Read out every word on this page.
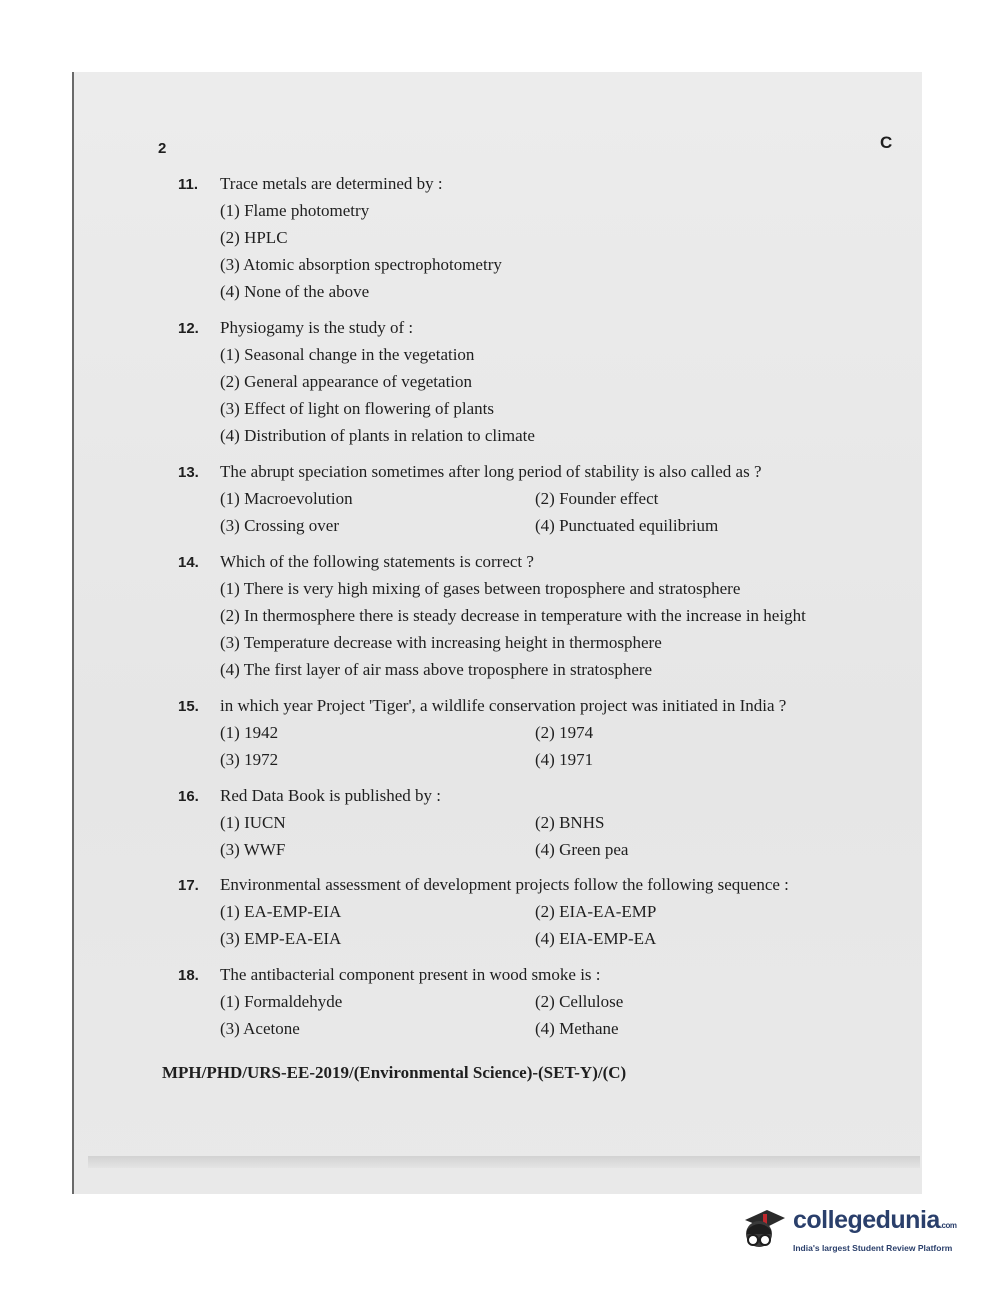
2	C
11.	Trace metals are determined by :
(1) Flame photometry
(2) HPLC
(3) Atomic absorption spectrophotometry
(4) None of the above
12.	Physiogamy is the study of :
(1) Seasonal change in the vegetation
(2) General appearance of vegetation
(3) Effect of light on flowering of plants
(4) Distribution of plants in relation to climate
13.	The abrupt speciation sometimes after long period of stability is also called as ?
(1) Macroevolution	(2) Founder effect
(3) Crossing over	(4) Punctuated equilibrium
14.	Which of the following statements is correct ?
(1) There is very high mixing of gases between troposphere and stratosphere
(2) In thermosphere there is steady decrease in temperature with the increase in height
(3) Temperature decrease with increasing height in thermosphere
(4) The first layer of air mass above troposphere in stratosphere
15.	in which year Project 'Tiger', a wildlife conservation project was initiated in India ?
(1) 1942	(2) 1974
(3) 1972	(4) 1971
16.	Red Data Book is published by :
(1) IUCN	(2) BNHS
(3) WWF	(4) Green pea
17.	Environmental assessment of development projects follow the following sequence :
(1) EA-EMP-EIA	(2) EIA-EA-EMP
(3) EMP-EA-EIA	(4) EIA-EMP-EA
18.	The antibacterial component present in wood smoke is :
(1) Formaldehyde	(2) Cellulose
(3) Acetone	(4) Methane
MPH/PHD/URS-EE-2019/(Environmental Science)-(SET-Y)/(C)
collegedunia.com
India's largest Student Review Platform
